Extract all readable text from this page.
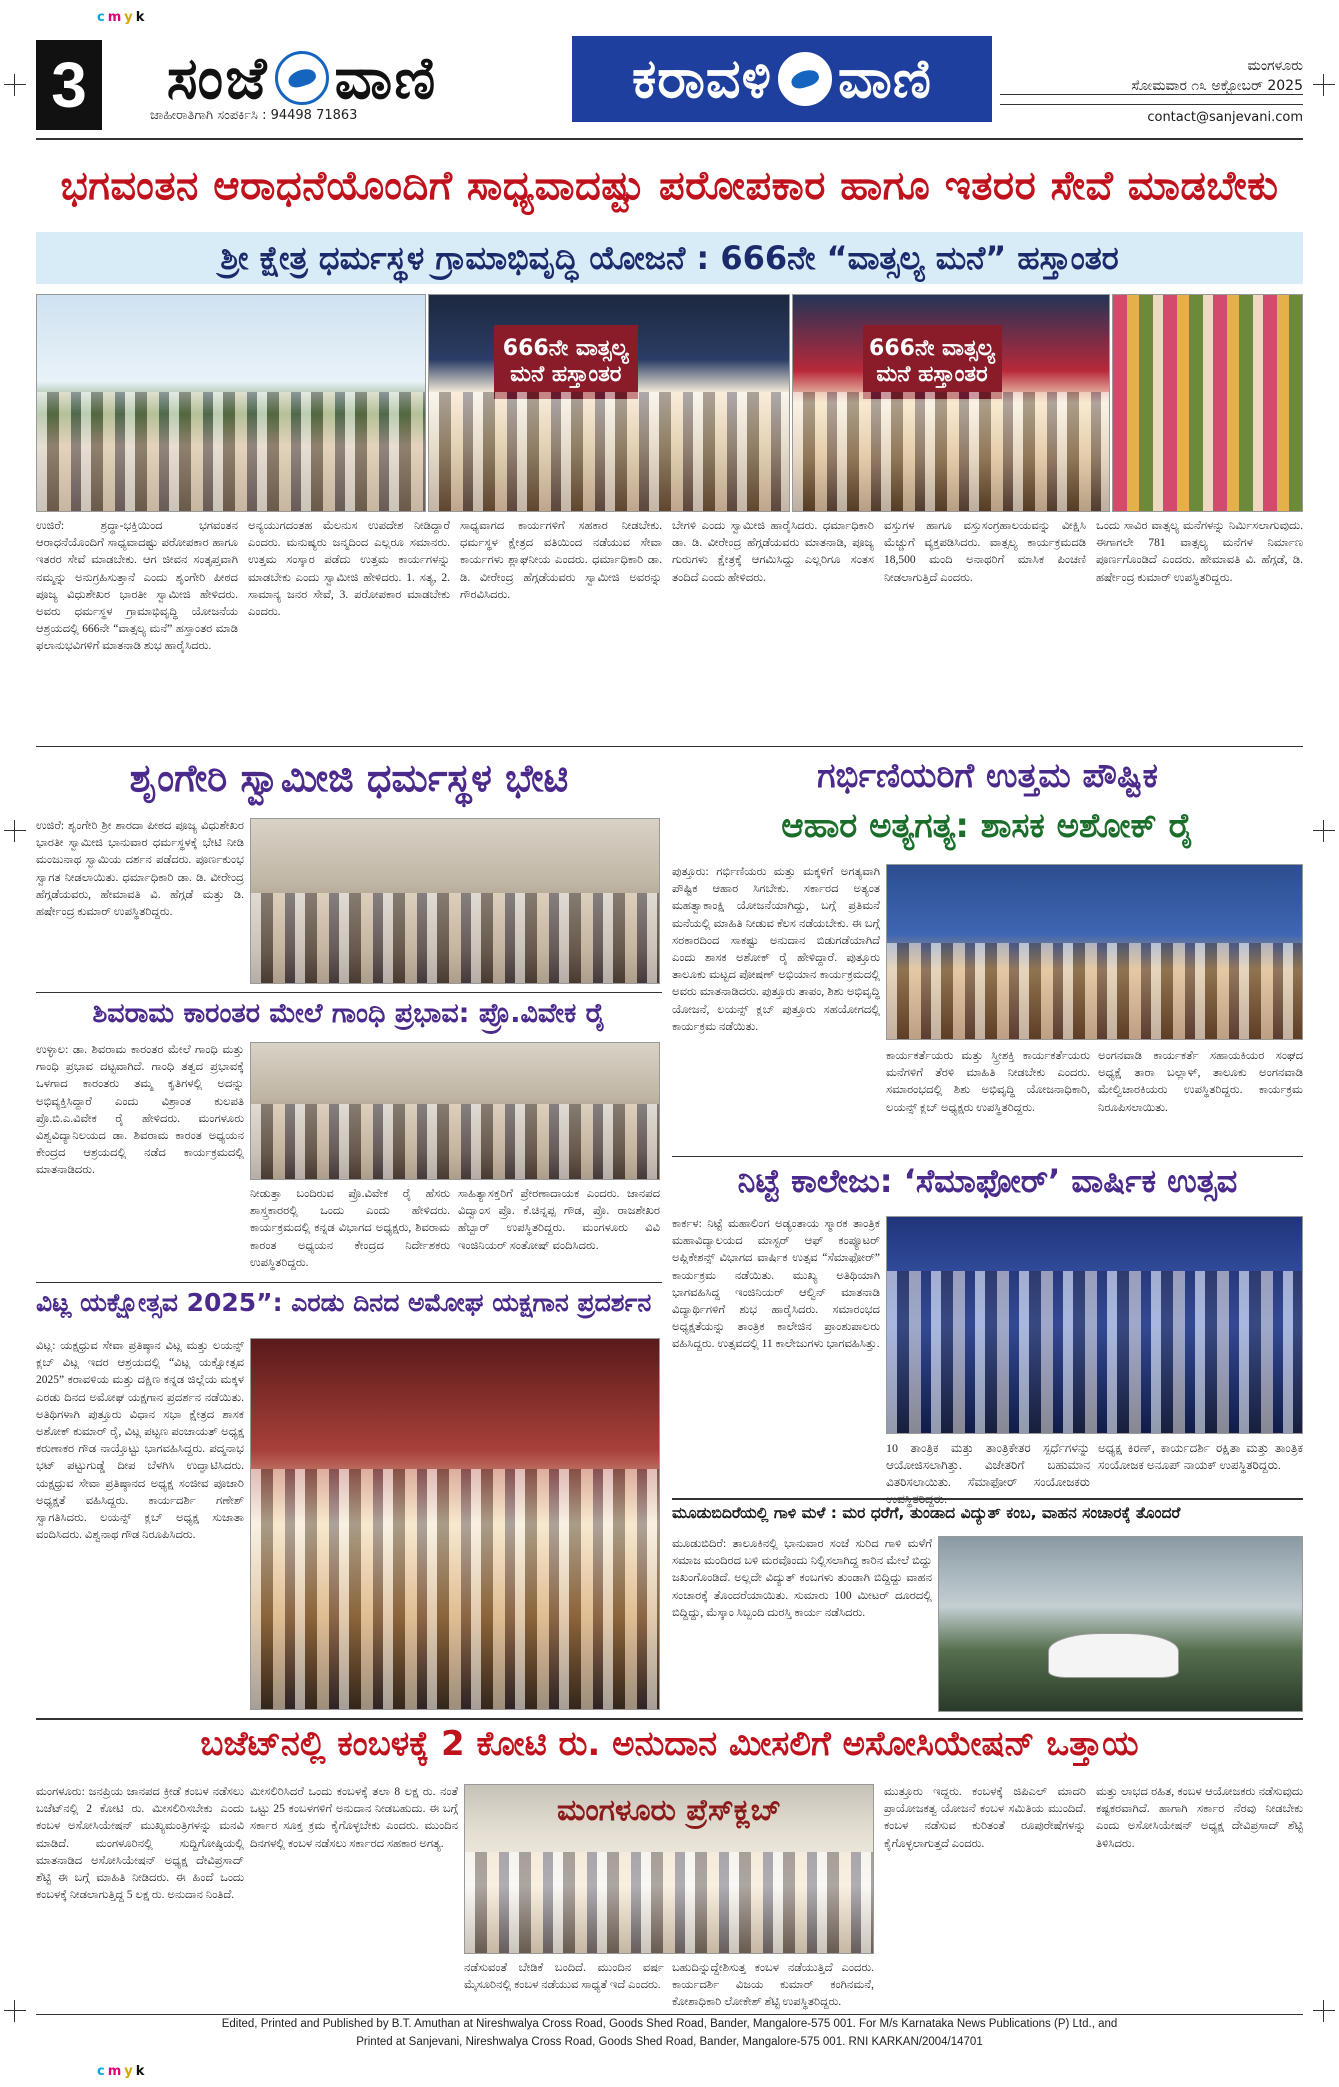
c m y k
c m y k
3 ಸಂಜೆ ವಾಣಿ
ಜಾಹೀರಾತಿಗಾಗಿ ಸಂಪರ್ಕಿಸಿ : 94498 71863
ಕರಾವಳಿ ವಾಣಿ	ಮಂಗಳೂರು
ಸೋಮವಾರ ೧೩ ಅಕ್ಟೋಬರ್ 2025
contact@sanjevani.com
ಭಗವಂತನ ಆರಾಧನೆಯೊಂದಿಗೆ ಸಾಧ್ಯವಾದಷ್ಟು ಪರೋಪಕಾರ ಹಾಗೂ ಇತರರ ಸೇವೆ ಮಾಡಬೇಕು
ಶ್ರೀ ಕ್ಷೇತ್ರ ಧರ್ಮಸ್ಥಳ ಗ್ರಾಮಾಭಿವೃದ್ಧಿ ಯೋಜನೆ : 666ನೇ “ವಾತ್ಸಲ್ಯ ಮನೆ” ಹಸ್ತಾಂತರ
666ನೇ ವಾತ್ಸಲ್ಯ ಮನೆ ಹಸ್ತಾಂತರ
666ನೇ ವಾತ್ಸಲ್ಯ ಮನೆ ಹಸ್ತಾಂತರ
ಉಜಿರೆ: ಶ್ರದ್ಧಾ-ಭಕ್ತಿಯಿಂದ ಭಗವಂತನ ಆರಾಧನೆಯೊಂದಿಗೆ ಸಾಧ್ಯವಾದಷ್ಟು ಪರೋಪಕಾರ ಹಾಗೂ ಇತರರ ಸೇವೆ ಮಾಡಬೇಕು. ಆಗ ಜೀವನ ಸಂತೃಪ್ತವಾಗಿ ನಮ್ಮನ್ನು ಅನುಗ್ರಹಿಸುತ್ತಾನೆ ಎಂದು ಶೃಂಗೇರಿ ಪೀಠದ ಪೂಜ್ಯ ವಿಧುಶೇಖರ ಭಾರತೀ ಸ್ವಾಮೀಜಿ ಹೇಳಿದರು. ಅವರು ಧರ್ಮಸ್ಥಳ ಗ್ರಾಮಾಭಿವೃದ್ಧಿ ಯೋಜನೆಯ ಆಶ್ರಯದಲ್ಲಿ 666ನೇ “ವಾತ್ಸಲ್ಯ ಮನೆ” ಹಸ್ತಾಂತರ ಮಾಡಿ ಫಲಾನುಭವಿಗಳಿಗೆ ಮಾತನಾಡಿ ಶುಭ ಹಾರೈಸಿದರು.
ಅನ್ಯಯುಗದಂತಹ ಮೆಲನುಸ ಉಪದೇಶ ನೀಡಿದ್ದಾರೆ ಎಂದರು. ಮನುಷ್ಯರು ಜನ್ಮದಿಂದ ಎಲ್ಲರೂ ಸಮಾನರು. ಉತ್ತಮ ಸಂಸ್ಕಾರ ಪಡೆದು ಉತ್ತಮ ಕಾರ್ಯಗಳನ್ನು ಮಾಡಬೇಕು ಎಂದು ಸ್ವಾಮೀಜಿ ಹೇಳಿದರು. 1. ಸತ್ಯ, 2. ಸಾಮಾನ್ಯ ಜನರ ಸೇವೆ, 3. ಪರೋಪಕಾರ ಮಾಡಬೇಕು ಎಂದರು.
ಸಾಧ್ಯವಾಗದ ಕಾರ್ಯಗಳಿಗೆ ಸಹಕಾರ ನೀಡಬೇಕು. ಧರ್ಮಸ್ಥಳ ಕ್ಷೇತ್ರದ ವತಿಯಿಂದ ನಡೆಯುವ ಸೇವಾ ಕಾರ್ಯಗಳು ಶ್ಲಾಘನೀಯ ಎಂದರು. ಧರ್ಮಾಧಿಕಾರಿ ಡಾ. ಡಿ. ವೀರೇಂದ್ರ ಹೆಗ್ಗಡೆಯವರು ಸ್ವಾಮೀಜಿ ಅವರನ್ನು ಗೌರವಿಸಿದರು.
ಬೇಗಳಿ ಎಂದು ಸ್ವಾಮೀಜಿ ಹಾರೈಸಿದರು. ಧರ್ಮಾಧಿಕಾರಿ ಡಾ. ಡಿ. ವೀರೇಂದ್ರ ಹೆಗ್ಗಡೆಯವರು ಮಾತನಾಡಿ, ಪೂಜ್ಯ ಗುರುಗಳು ಕ್ಷೇತ್ರಕ್ಕೆ ಆಗಮಿಸಿದ್ದು ಎಲ್ಲರಿಗೂ ಸಂತಸ ತಂದಿದೆ ಎಂದು ಹೇಳಿದರು.
ವಸ್ತುಗಳ ಹಾಗೂ ವಸ್ತುಸಂಗ್ರಹಾಲಯವನ್ನು ವೀಕ್ಷಿಸಿ ಮೆಚ್ಚುಗೆ ವ್ಯಕ್ತಪಡಿಸಿದರು. ವಾತ್ಸಲ್ಯ ಕಾರ್ಯಕ್ರಮದಡಿ 18,500 ಮಂದಿ ಅನಾಥರಿಗೆ ಮಾಸಿಕ ಪಿಂಚಣಿ ನೀಡಲಾಗುತ್ತಿದೆ ಎಂದರು.
ಒಂದು ಸಾವಿರ ವಾತ್ಸಲ್ಯ ಮನೆಗಳನ್ನು ನಿರ್ಮಿಸಲಾಗುವುದು. ಈಗಾಗಲೇ 781 ವಾತ್ಸಲ್ಯ ಮನೆಗಳ ನಿರ್ಮಾಣ ಪೂರ್ಣಗೊಂಡಿದೆ ಎಂದರು. ಹೇಮಾವತಿ ವಿ. ಹೆಗ್ಗಡೆ, ಡಿ. ಹರ್ಷೇಂದ್ರ ಕುಮಾರ್ ಉಪಸ್ಥಿತರಿದ್ದರು.
ಶೃಂಗೇರಿ ಸ್ವಾಮೀಜಿ ಧರ್ಮಸ್ಥಳ ಭೇಟಿ
ಉಜಿರೆ: ಶೃಂಗೇರಿ ಶ್ರೀ ಶಾರದಾ ಪೀಠದ ಪೂಜ್ಯ ವಿಧುಶೇಖರ ಭಾರತೀ ಸ್ವಾಮೀಜಿ ಭಾನುವಾರ ಧರ್ಮಸ್ಥಳಕ್ಕೆ ಭೇಟಿ ನೀಡಿ ಮಂಜುನಾಥ ಸ್ವಾಮಿಯ ದರ್ಶನ ಪಡೆದರು. ಪೂರ್ಣಕುಂಭ ಸ್ವಾಗತ ನೀಡಲಾಯಿತು. ಧರ್ಮಾಧಿಕಾರಿ ಡಾ. ಡಿ. ವೀರೇಂದ್ರ ಹೆಗ್ಗಡೆಯವರು, ಹೇಮಾವತಿ ವಿ. ಹೆಗ್ಗಡೆ ಮತ್ತು ಡಿ. ಹರ್ಷೇಂದ್ರ ಕುಮಾರ್ ಉಪಸ್ಥಿತರಿದ್ದರು.
ಶಿವರಾಮ ಕಾರಂತರ ಮೇಲೆ ಗಾಂಧಿ ಪ್ರಭಾವ: ಪ್ರೊ.ವಿವೇಕ ರೈ
ಉಳ್ಳಾಲ: ಡಾ. ಶಿವರಾಮ ಕಾರಂತರ ಮೇಲೆ ಗಾಂಧಿ ಮತ್ತು ಗಾಂಧಿ ಪ್ರಭಾವ ದಟ್ಟವಾಗಿದೆ. ಗಾಂಧಿ ತತ್ವದ ಪ್ರಭಾವಕ್ಕೆ ಒಳಗಾದ ಕಾರಂತರು ತಮ್ಮ ಕೃತಿಗಳಲ್ಲಿ ಅದನ್ನು ಅಭಿವ್ಯಕ್ತಿಸಿದ್ದಾರೆ ಎಂದು ವಿಶ್ರಾಂತ ಕುಲಪತಿ ಪ್ರೊ.ಬಿ.ಎ.ವಿವೇಕ ರೈ ಹೇಳಿದರು. ಮಂಗಳೂರು ವಿಶ್ವವಿದ್ಯಾನಿಲಯದ ಡಾ. ಶಿವರಾಮ ಕಾರಂತ ಅಧ್ಯಯನ ಕೇಂದ್ರದ ಆಶ್ರಯದಲ್ಲಿ ನಡೆದ ಕಾರ್ಯಕ್ರಮದಲ್ಲಿ ಮಾತನಾಡಿದರು.
ನೀಡುತ್ತಾ ಬಂದಿರುವ ಪ್ರೊ.ವಿವೇಕ ರೈ ಹೆಸರು ಶಾಸ್ತ್ರಕಾರರಲ್ಲಿ ಒಂದು ಎಂದು ಹೇಳಿದರು. ಕಾರ್ಯಕ್ರಮದಲ್ಲಿ ಕನ್ನಡ ವಿಭಾಗದ ಅಧ್ಯಕ್ಷರು, ಶಿವರಾಮ ಕಾರಂತ ಅಧ್ಯಯನ ಕೇಂದ್ರದ ನಿರ್ದೇಶಕರು ಉಪಸ್ಥಿತರಿದ್ದರು.
ಸಾಹಿತ್ಯಾಸಕ್ತರಿಗೆ ಪ್ರೇರಣಾದಾಯಕ ಎಂದರು. ಜಾನಪದ ವಿದ್ವಾಂಸ ಪ್ರೊ. ಕೆ.ಚಿನ್ನಪ್ಪ ಗೌಡ, ಪ್ರೊ. ರಾಜಶೇಖರ ಹೆಬ್ಬಾರ್ ಉಪಸ್ಥಿತರಿದ್ದರು. ಮಂಗಳೂರು ವಿವಿ ಇಂಜಿನಿಯರ್ ಸಂತೋಷ್ ವಂದಿಸಿದರು.
ವಿಟ್ಲ ಯಕ್ಷೋತ್ಸವ 2025”: ಎರಡು ದಿನದ ಅಮೋಘ ಯಕ್ಷಗಾನ ಪ್ರದರ್ಶನ
ವಿಟ್ಲ: ಯಕ್ಷಧ್ರುವ ಸೇವಾ ಪ್ರತಿಷ್ಠಾನ ವಿಟ್ಲ ಮತ್ತು ಲಯನ್ಸ್ ಕ್ಲಬ್ ವಿಟ್ಲ ಇದರ ಆಶ್ರಯದಲ್ಲಿ “ವಿಟ್ಲ ಯಕ್ಷೋತ್ಸವ 2025” ಕರಾವಳಿಯ ಮತ್ತು ದಕ್ಷಿಣ ಕನ್ನಡ ಜಿಲ್ಲೆಯ ಮಕ್ಕಳ ಎರಡು ದಿನದ ಅಮೋಘ ಯಕ್ಷಗಾನ ಪ್ರದರ್ಶನ ನಡೆಯಿತು. ಅತಿಥಿಗಳಾಗಿ ಪುತ್ತೂರು ವಿಧಾನ ಸಭಾ ಕ್ಷೇತ್ರದ ಶಾಸಕ ಅಶೋಕ್ ಕುಮಾರ್ ರೈ, ವಿಟ್ಲ ಪಟ್ಟಣ ಪಂಚಾಯತ್ ಅಧ್ಯಕ್ಷ ಕರುಣಾಕರ ಗೌಡ ನಾಯ್ತೊಟ್ಟು ಭಾಗವಹಿಸಿದ್ದರು. ಪದ್ಮನಾಭ ಭಟ್ ಪಟ್ಟುಗುಡ್ಡೆ ದೀಪ ಬೆಳಗಿಸಿ ಉದ್ಘಾಟಿಸಿದರು. ಯಕ್ಷಧ್ರುವ ಸೇವಾ ಪ್ರತಿಷ್ಠಾನದ ಅಧ್ಯಕ್ಷ ಸಂಜೀವ ಪೂಜಾರಿ ಅಧ್ಯಕ್ಷತೆ ವಹಿಸಿದ್ದರು. ಕಾರ್ಯದರ್ಶಿ ಗಣೇಶ್ ಸ್ವಾಗತಿಸಿದರು. ಲಯನ್ಸ್ ಕ್ಲಬ್ ಅಧ್ಯಕ್ಷ ಸುಜಾತಾ ವಂದಿಸಿದರು. ವಿಶ್ವನಾಥ ಗೌಡ ನಿರೂಪಿಸಿದರು.
ಗರ್ಭಿಣಿಯರಿಗೆ ಉತ್ತಮ ಪೌಷ್ಟಿಕ
ಆಹಾರ ಅತ್ಯಗತ್ಯ: ಶಾಸಕ ಅಶೋಕ್ ರೈ
ಪುತ್ತೂರು: ಗರ್ಭಿಣಿಯರು ಮತ್ತು ಮಕ್ಕಳಿಗೆ ಅಗತ್ಯವಾಗಿ ಪೌಷ್ಟಿಕ ಆಹಾರ ಸಿಗಬೇಕು. ಸರ್ಕಾರದ ಅತ್ಯಂತ ಮಹತ್ವಾಕಾಂಕ್ಷಿ ಯೋಜನೆಯಾಗಿದ್ದು, ಬಗ್ಗೆ ಪ್ರತಿಮನೆ ಮನೆಯಲ್ಲಿ ಮಾಹಿತಿ ನೀಡುವ ಕೆಲಸ ನಡೆಯಬೇಕು. ಈ ಬಗ್ಗೆ ಸರಕಾರದಿಂದ ಸಾಕಷ್ಟು ಅನುದಾನ ಬಿಡುಗಡೆಯಾಗಿದೆ ಎಂದು ಶಾಸಕ ಅಶೋಕ್ ರೈ ಹೇಳಿದ್ದಾರೆ. ಪುತ್ತೂರು ತಾಲೂಕು ಮಟ್ಟದ ಪೋಷಣ್ ಅಭಿಯಾನ ಕಾರ್ಯಕ್ರಮದಲ್ಲಿ ಅವರು ಮಾತನಾಡಿದರು. ಪುತ್ತೂರು ತಾಪಂ, ಶಿಶು ಅಭಿವೃದ್ಧಿ ಯೋಜನೆ, ಲಯನ್ಸ್ ಕ್ಲಬ್ ಪುತ್ತೂರು ಸಹಯೋಗದಲ್ಲಿ ಕಾರ್ಯಕ್ರಮ ನಡೆಯಿತು.
ಕಾರ್ಯಕರ್ತೆಯರು ಮತ್ತು ಸ್ತ್ರೀಶಕ್ತಿ ಕಾರ್ಯಕರ್ತೆಯರು ಮನೆಗಳಿಗೆ ತೆರಳಿ ಮಾಹಿತಿ ನೀಡಬೇಕು ಎಂದರು. ಸಮಾರಂಭದಲ್ಲಿ ಶಿಶು ಅಭಿವೃದ್ಧಿ ಯೋಜನಾಧಿಕಾರಿ, ಲಯನ್ಸ್ ಕ್ಲಬ್ ಅಧ್ಯಕ್ಷರು ಉಪಸ್ಥಿತರಿದ್ದರು.
ಅಂಗನವಾಡಿ ಕಾರ್ಯಕರ್ತೆ ಸಹಾಯಕಿಯರ ಸಂಘದ ಅಧ್ಯಕ್ಷೆ ತಾರಾ ಬಲ್ಲಾಳ್, ತಾಲೂಕು ಅಂಗನವಾಡಿ ಮೇಲ್ವಿಚಾರಕಿಯರು ಉಪಸ್ಥಿತರಿದ್ದರು. ಕಾರ್ಯಕ್ರಮ ನಿರೂಪಿಸಲಾಯಿತು.
ನಿಟ್ಟೆ ಕಾಲೇಜು: ‘ಸೆಮಾಫೋರ್’ ವಾರ್ಷಿಕ ಉತ್ಸವ
ಕಾರ್ಕಳ: ನಿಟ್ಟೆ ಮಹಾಲಿಂಗ ಅಡ್ಯಂತಾಯ ಸ್ಮಾರಕ ತಾಂತ್ರಿಕ ಮಹಾವಿದ್ಯಾಲಯದ ಮಾಸ್ಟರ್ ಆಫ್ ಕಂಪ್ಯೂಟರ್ ಅಪ್ಲಿಕೇಶನ್ಸ್ ವಿಭಾಗದ ವಾರ್ಷಿಕ ಉತ್ಸವ “ಸೆಮಾಫೋರ್” ಕಾರ್ಯಕ್ರಮ ನಡೆಯಿತು. ಮುಖ್ಯ ಅತಿಥಿಯಾಗಿ ಭಾಗವಹಿಸಿದ್ದ ಇಂಜಿನಿಯರ್ ಆಲ್ವಿನ್ ಮಾತನಾಡಿ ವಿದ್ಯಾರ್ಥಿಗಳಿಗೆ ಶುಭ ಹಾರೈಸಿದರು. ಸಮಾರಂಭದ ಅಧ್ಯಕ್ಷತೆಯನ್ನು ತಾಂತ್ರಿಕ ಕಾಲೇಜಿನ ಪ್ರಾಂಶುಪಾಲರು ವಹಿಸಿದ್ದರು. ಉತ್ಸವದಲ್ಲಿ 11 ಕಾಲೇಜುಗಳು ಭಾಗವಹಿಸಿತ್ತು.
10 ತಾಂತ್ರಿಕ ಮತ್ತು ತಾಂತ್ರಿಕೇತರ ಸ್ಪರ್ಧೆಗಳನ್ನು ಆಯೋಜಿಸಲಾಗಿತ್ತು. ವಿಜೇತರಿಗೆ ಬಹುಮಾನ ವಿತರಿಸಲಾಯಿತು. ಸೆಮಾಫೋರ್ ಸಂಯೋಜಕರು
ಅಧ್ಯಕ್ಷ ಕಿರಣ್, ಕಾರ್ಯದರ್ಶಿ ರಕ್ಷಿತಾ ಮತ್ತು ತಾಂತ್ರಿಕ ಸಂಯೋಜಕ ಅನೂಪ್ ನಾಯಕ್ ಉಪಸ್ಥಿತರಿದ್ದರು.
ಮೂಡುಬಿದಿರೆಯಲ್ಲಿ ಗಾಳಿ ಮಳೆ : ಮರ ಧರೆಗೆ, ತುಂಡಾದ ವಿದ್ಯುತ್ ಕಂಬ, ವಾಹನ ಸಂಚಾರಕ್ಕೆ ತೊಂದರೆ
ಮೂಡುಬಿದಿರೆ: ತಾಲೂಕಿನಲ್ಲಿ ಭಾನುವಾರ ಸಂಜೆ ಸುರಿದ ಗಾಳಿ ಮಳೆಗೆ ಸಮಾಜ ಮಂದಿರದ ಬಳಿ ಮರವೊಂದು ನಿಲ್ಲಿಸಲಾಗಿದ್ದ ಕಾರಿನ ಮೇಲೆ ಬಿದ್ದು ಜಖಂಗೊಂಡಿದೆ. ಅಲ್ಲದೇ ವಿದ್ಯುತ್ ಕಂಬಗಳು ತುಂಡಾಗಿ ಬಿದ್ದಿದ್ದು ವಾಹನ ಸಂಚಾರಕ್ಕೆ ತೊಂದರೆಯಾಯಿತು. ಸುಮಾರು 100 ಮೀಟರ್ ದೂರದಲ್ಲಿ ಬಿದ್ದಿದ್ದು, ಮೆಸ್ಕಾಂ ಸಿಬ್ಬಂದಿ ದುರಸ್ತಿ ಕಾರ್ಯ ನಡೆಸಿದರು.
ಬಜೆಟ್‌ನಲ್ಲಿ ಕಂಬಳಕ್ಕೆ 2 ಕೋಟಿ ರು. ಅನುದಾನ ಮೀಸಲಿಗೆ ಅಸೋಸಿಯೇಷನ್ ಒತ್ತಾಯ
ಮಂಗಳೂರು: ಜನಪ್ರಿಯ ಜಾನಪದ ಕ್ರೀಡೆ ಕಂಬಳ ನಡೆಸಲು ಬಜೆಟ್‌ನಲ್ಲಿ 2 ಕೋಟಿ ರು. ಮೀಸಲಿರಿಸಬೇಕು ಎಂದು ಕಂಬಳ ಅಸೋಸಿಯೇಷನ್ ಮುಖ್ಯಮಂತ್ರಿಗಳನ್ನು ಮನವಿ ಮಾಡಿದೆ. ಮಂಗಳೂರಿನಲ್ಲಿ ಸುದ್ದಿಗೋಷ್ಠಿಯಲ್ಲಿ ಮಾತನಾಡಿದ ಅಸೋಸಿಯೇಷನ್ ಅಧ್ಯಕ್ಷ ದೇವಿಪ್ರಸಾದ್ ಶೆಟ್ಟಿ ಈ ಬಗ್ಗೆ ಮಾಹಿತಿ ನೀಡಿದರು. ಈ ಹಿಂದೆ ಒಂದು ಕಂಬಳಕ್ಕೆ ನೀಡಲಾಗುತ್ತಿದ್ದ 5 ಲಕ್ಷ ರು. ಅನುದಾನ ನಿಂತಿದೆ.
ಮೀಸಲಿರಿಸಿದರೆ ಒಂದು ಕಂಬಳಕ್ಕೆ ತಲಾ 8 ಲಕ್ಷ ರು. ನಂತೆ ಒಟ್ಟು 25 ಕಂಬಳಗಳಿಗೆ ಅನುದಾನ ನೀಡಬಹುದು. ಈ ಬಗ್ಗೆ ಸರ್ಕಾರ ಸೂಕ್ತ ಕ್ರಮ ಕೈಗೊಳ್ಳಬೇಕು ಎಂದರು. ಮುಂದಿನ ದಿನಗಳಲ್ಲಿ ಕಂಬಳ ನಡೆಸಲು ಸರ್ಕಾರದ ಸಹಕಾರ ಅಗತ್ಯ.
ಮಂಗಳೂರು ಪ್ರೆಸ್‌ಕ್ಲಬ್
ನಡೆಸುವಂತೆ ಬೇಡಿಕೆ ಬಂದಿದೆ. ಮುಂದಿನ ವರ್ಷ ಮೈಸೂರಿನಲ್ಲಿ ಕಂಬಳ ನಡೆಯುವ ಸಾಧ್ಯತೆ ಇದೆ ಎಂದರು.
ಬಹುದಿನ್ನುದ್ದೇಶಿಸುತ್ತ ಕಂಬಳ ನಡೆಯುತ್ತಿದೆ ಎಂದರು. ಕಾರ್ಯದರ್ಶಿ ವಿಜಯ ಕುಮಾರ್ ಕಂಗಿನಮನೆ, ಕೋಶಾಧಿಕಾರಿ ಲೋಕೇಶ್ ಶೆಟ್ಟಿ ಉಪಸ್ಥಿತರಿದ್ದರು.
ಮುತ್ತೂರು ಇದ್ದರು. ಕಂಬಳಕ್ಕೆ ಜಿಪಿಎಲ್ ಮಾದರಿ ಪ್ರಾಯೋಜಕತ್ವ ಯೋಜನೆ ಕಂಬಳ ಸಮಿತಿಯ ಮುಂದಿದೆ. ಕಂಬಳ ನಡೆಸುವ ಕುರಿತಂತೆ ರೂಪುರೇಷೆಗಳನ್ನು ಕೈಗೊಳ್ಳಲಾಗುತ್ತದೆ ಎಂದರು.
ಮತ್ತು ಲಾಭದ ರಹಿತ, ಕಂಬಳ ಆಯೋಜಕರು ನಡೆಸುವುದು ಕಷ್ಟಕರವಾಗಿದೆ. ಹಾಗಾಗಿ ಸರ್ಕಾರ ನೆರವು ನೀಡಬೇಕು ಎಂದು ಅಸೋಸಿಯೇಷನ್ ಅಧ್ಯಕ್ಷ ದೇವಿಪ್ರಸಾದ್ ಶೆಟ್ಟಿ ತಿಳಿಸಿದರು.
Edited, Printed and Published by B.T. Amuthan at Nireshwalya Cross Road, Goods Shed Road, Bander, Mangalore-575 001. For M/s Karnataka News Publications (P) Ltd., and
Printed at Sanjevani, Nireshwalya Cross Road, Goods Shed Road, Bander, Mangalore-575 001. RNI KARKAN/2004/14701
